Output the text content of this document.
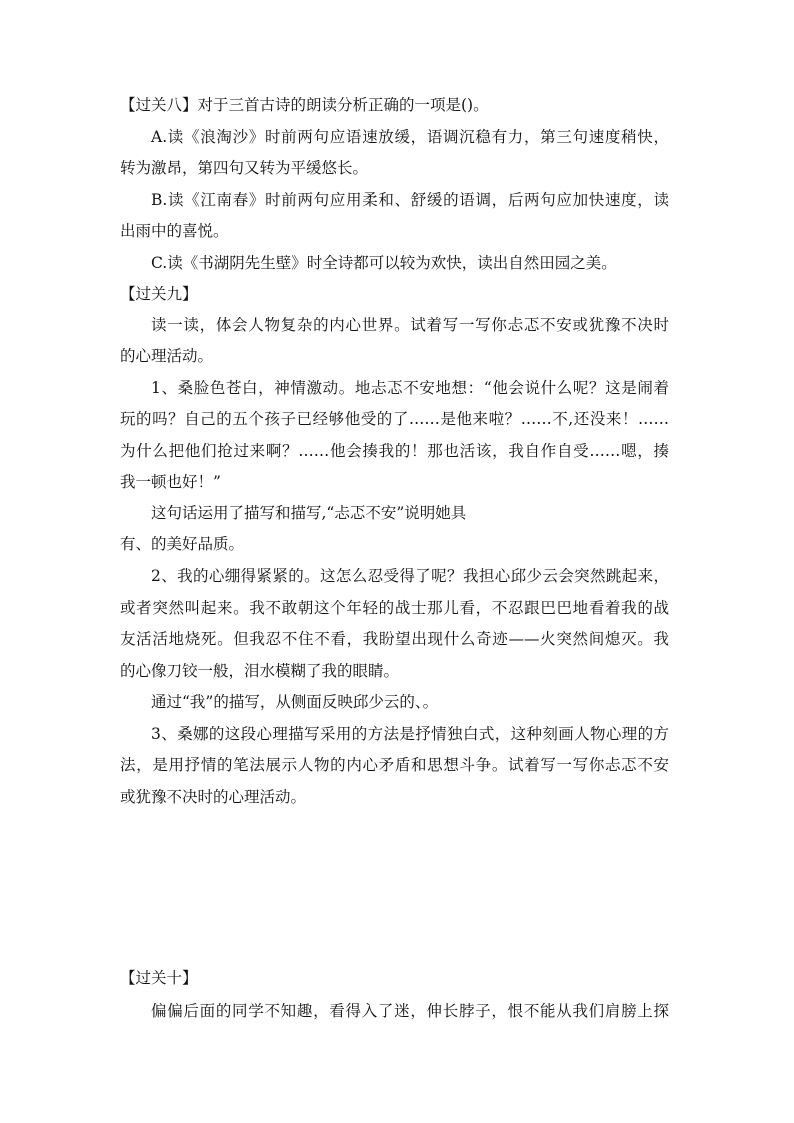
【过关八】对于三首古诗的朗读分析正确的一项是()。
A.读《浪淘沙》时前两句应语速放缓，语调沉稳有力，第三句速度稍快，
转为激昂，第四句又转为平缓悠长。
B.读《江南春》时前两句应用柔和、舒缓的语调，后两句应加快速度，读
出雨中的喜悦。
C.读《书湖阴先生壁》时全诗都可以较为欢快，读出自然田园之美。
【过关九】
读一读，体会人物复杂的内心世界。试着写一写你忐忑不安或犹豫不决时
的心理活动。
1、桑脸色苍白，神情激动。地忐忑不安地想：“他会说什么呢？这是闹着
玩的吗？自己的五个孩子已经够他受的了……是他来啦？……不,还没来！……
为什么把他们抢过来啊？……他会揍我的！那也活该，我自作自受……嗯，揍
我一顿也好！”
这句话运用了描写和描写,“忐忑不安”说明她具
有、的美好品质。
2、我的心绷得紧紧的。这怎么忍受得了呢？我担心邱少云会突然跳起来，
或者突然叫起来。我不敢朝这个年轻的战士那儿看，不忍跟巴巴地看着我的战
友活活地烧死。但我忍不住不看，我盼望出现什么奇迹——火突然间熄灭。我
的心像刀铰一般，泪水模糊了我的眼睛。
通过“我”的描写，从侧面反映邱少云的、。
3、桑娜的这段心理描写采用的方法是抒情独白式，这种刻画人物心理的方
法，是用抒情的笔法展示人物的内心矛盾和思想斗争。试着写一写你忐忑不安
或犹豫不决时的心理活动。
【过关十】
偏偏后面的同学不知趣，看得入了迷，伸长脖子，恨不能从我们肩膀上探
